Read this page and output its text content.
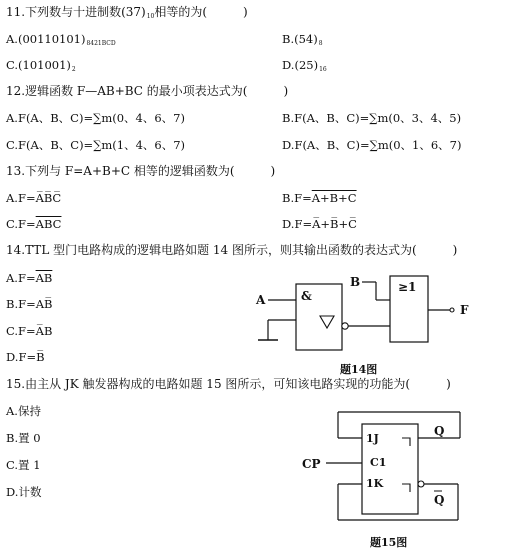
11.下列数与十进制数$(37)_{10}$相等的为(　　　)
$A.(00110101)_{8421BCD}$	$B.(54)_8$
$C.(101001)_2$	$D.(25)_{16}$
12.逻辑函数 F—AB+BC 的最小项表达式为(　　　)
A.F(A、B、C)=∑m(0、4、6、7)	B.F(A、B、C)=∑m(0、3、4、5)
C.F(A、B、C)=∑m(1、4、6、7)	D.F(A、B、C)=∑m(0、1、6、7)
13.下列与 F=A+B+C 相等的逻辑函数为(　　　)
A.F=A̅B̅C̅	B.F=A+B+C
$C.F=\overline{ABC}$	D.F=A̅+B̅+C̅
14.TTL 型门电路构成的逻辑电路如题 14 图所示，则其输出函数的表达式为(　　　)
$A.F=\overline{AB}$
B.F=AB̅
C.F=A̅B
D.F=B̅
A	&
B	≥1
F
题14图
15.由主从 JK 触发器构成的电路如题 15 图所示，可知该电路实现的功能为(　　　)
A.保持
B.置 0
C.置 1
D.计数
1J
C1
1K
Q
CP
Q
题15图
